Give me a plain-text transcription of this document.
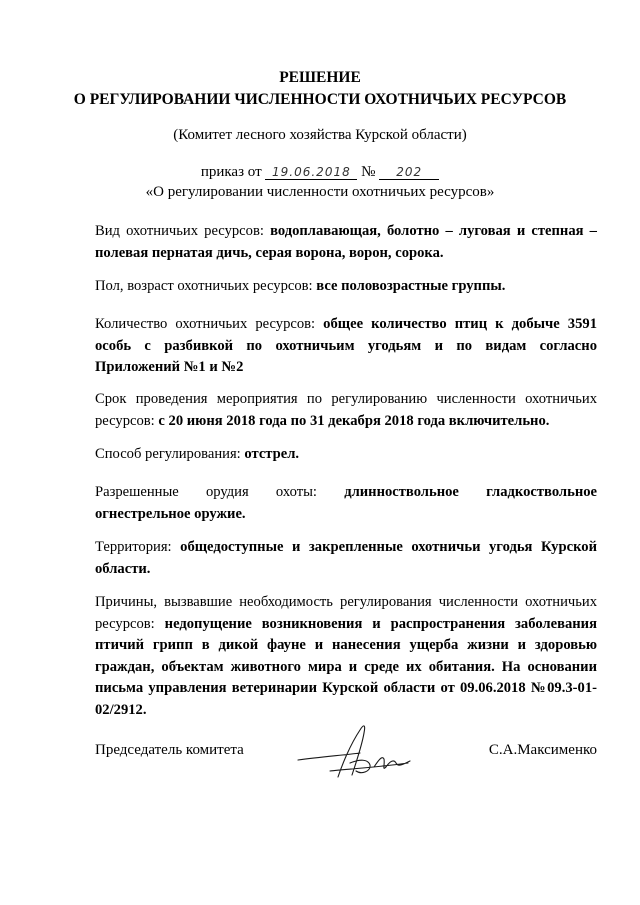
РЕШЕНИЕ
О РЕГУЛИРОВАНИИ ЧИСЛЕННОСТИ ОХОТНИЧЬИХ РЕСУРСОВ
(Комитет лесного хозяйства Курской области)
приказ от 19.06.2018 № 202
«О регулировании численности охотничьих ресурсов»
Вид охотничьих ресурсов: водоплавающая, болотно – луговая и степная – полевая пернатая дичь, серая ворона, ворон, сорока.
Пол, возраст охотничьих ресурсов: все половозрастные группы.
Количество охотничьих ресурсов: общее количество птиц к добыче 3591 особь с разбивкой по охотничьим угодьям и по видам согласно Приложений №1 и №2
Срок проведения мероприятия по регулированию численности охотничьих ресурсов: с 20 июня 2018 года по 31 декабря 2018 года включительно.
Способ регулирования: отстрел.
Разрешенные орудия охоты: длинноствольное гладкоствольное огнестрельное оружие.
Территория: общедоступные и закрепленные охотничьи угодья Курской области.
Причины, вызвавшие необходимость регулирования численности охотничьих ресурсов: недопущение возникновения и распространения заболевания птичий грипп в дикой фауне и нанесения ущерба жизни и здоровью граждан, объектам животного мира и среде их обитания. На основании письма управления ветеринарии Курской области от 09.06.2018 №09.3-01-02/2912.
Председатель комитета	С.А.Максименко
